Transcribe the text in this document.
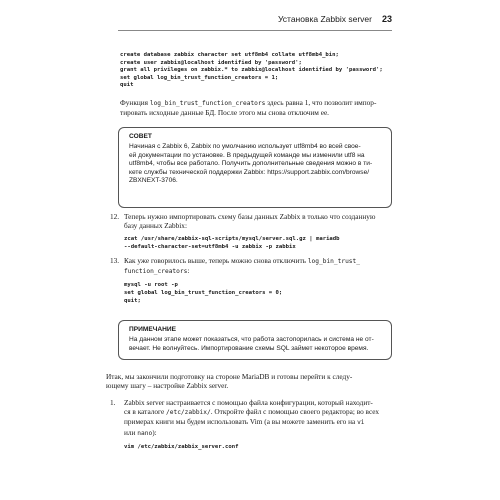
Установка Zabbix server 23
create database zabbix character set utf8mb4 collate utf8mb4_bin;
create user zabbix@localhost identified by 'password';
grant all privileges on zabbix.* to zabbix@localhost identified by 'password';
set global log_bin_trust_function_creators = 1;
quit
Функция log_bin_trust_function_creators здесь равна 1, что позволит импор-
тировать исходные данные БД. После этого мы снова отключим ее.
СОВЕТ
Начиная с Zabbix 6, Zabbix по умолчанию использует utf8mb4 во всей свое-
ей документации по установке. В предыдущей команде мы изменили utf8 на
utf8mb4, чтобы все работало. Получить дополнительные сведения можно в ти-
кете службы технической поддержки Zabbix: https://support.zabbix.com/browse/
ZBXNEXT-3706.
12. Теперь нужно импортировать схему базы данных Zabbix в только что созданную
базу данных Zabbix:
zcat /usr/share/zabbix-sql-scripts/mysql/server.sql.gz | mariadb
--default-character-set=utf8mb4 -u zabbix -p zabbix
13. Как уже говорилось выше, теперь можно снова отключить log_bin_trust_
function_creators:
mysql -u root -p
set global log_bin_trust_function_creators = 0;
quit;
ПРИМЕЧАНИЕ
На данном этапе может показаться, что работа застопорилась и система не от-
вечает. Не волнуйтесь. Импортирование схемы SQL займет некоторое время.
Итак, мы закончили подготовку на стороне MariaDB и готовы перейти к следу-
ющему шагу – настройке Zabbix server.
1.	Zabbix server настраивается с помощью файла конфигурации, который находит-
ся в каталоге /etc/zabbix/. Откройте файл с помощью своего редактора; во всех
примерах книги мы будем использовать Vim (а вы можете заменить его на vi
или nano):
vim /etc/zabbix/zabbix_server.conf
